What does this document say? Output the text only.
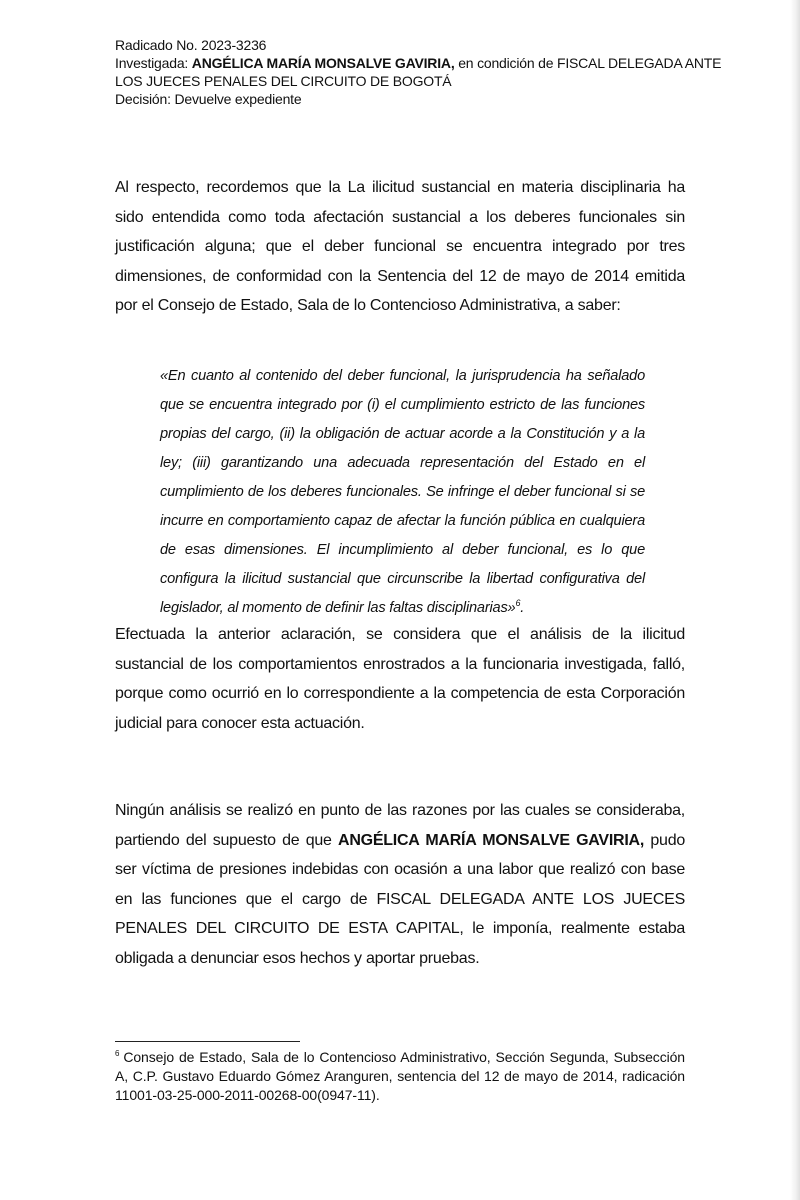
Radicado No. 2023-3236
Investigada: ANGÉLICA MARÍA MONSALVE GAVIRIA, en condición de FISCAL DELEGADA ANTE
LOS JUECES PENALES DEL CIRCUITO DE BOGOTÁ
Decisión: Devuelve expediente
Al respecto, recordemos que la La ilicitud sustancial en materia disciplinaria ha sido entendida como toda afectación sustancial a los deberes funcionales sin justificación alguna; que el deber funcional se encuentra integrado por tres dimensiones, de conformidad con la Sentencia del 12 de mayo de 2014 emitida por el Consejo de Estado, Sala de lo Contencioso Administrativa, a saber:
«En cuanto al contenido del deber funcional, la jurisprudencia ha señalado que se encuentra integrado por (i) el cumplimiento estricto de las funciones propias del cargo, (ii) la obligación de actuar acorde a la Constitución y a la ley; (iii) garantizando una adecuada representación del Estado en el cumplimiento de los deberes funcionales. Se infringe el deber funcional si se incurre en comportamiento capaz de afectar la función pública en cualquiera de esas dimensiones. El incumplimiento al deber funcional, es lo que configura la ilicitud sustancial que circunscribe la libertad configurativa del legislador, al momento de definir las faltas disciplinarias»$^6$.
Efectuada la anterior aclaración, se considera que el análisis de la ilicitud sustancial de los comportamientos enrostrados a la funcionaria investigada, falló, porque como ocurrió en lo correspondiente a la competencia de esta Corporación judicial para conocer esta actuación.
Ningún análisis se realizó en punto de las razones por las cuales se consideraba, partiendo del supuesto de que ANGÉLICA MARÍA MONSALVE GAVIRIA, pudo ser víctima de presiones indebidas con ocasión a una labor que realizó con base en las funciones que el cargo de FISCAL DELEGADA ANTE LOS JUECES PENALES DEL CIRCUITO DE ESTA CAPITAL, le imponía, realmente estaba obligada a denunciar esos hechos y aportar pruebas.
$^6$ Consejo de Estado, Sala de lo Contencioso Administrativo, Sección Segunda, Subsección A, C.P. Gustavo Eduardo Gómez Aranguren, sentencia del 12 de mayo de 2014, radicación 11001-03-25-000-2011-00268-00(0947-11).
